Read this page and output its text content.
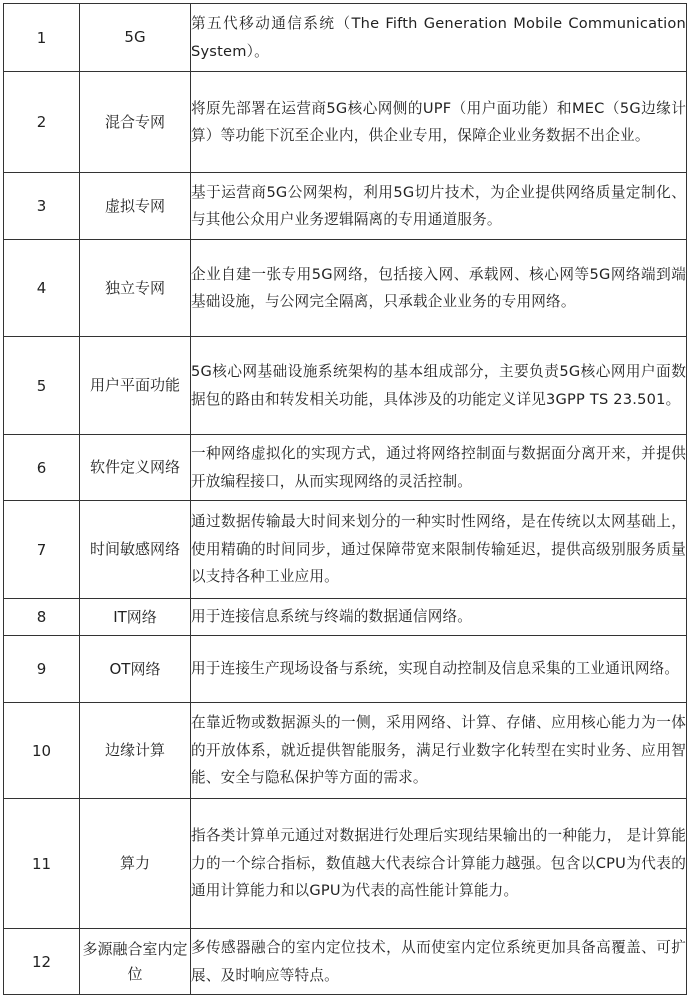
1	5G	第五代移动通信系统（The Fifth Generation Mobile Communication System）。
2	混合专网	将原先部署在运营商5G核心网侧的UPF（用户面功能）和MEC（5G边缘计算）等功能下沉至企业内，供企业专用，保障企业业务数据不出企业。
3	虚拟专网	基于运营商5G公网架构，利用5G切片技术，为企业提供网络质量定制化、与其他公众用户业务逻辑隔离的专用通道服务。
4	独立专网	企业自建一张专用5G网络，包括接入网、承载网、核心网等5G网络端到端基础设施，与公网完全隔离，只承载企业业务的专用网络。
5	用户平面功能	5G核心网基础设施系统架构的基本组成部分，主要负责5G核心网用户面数据包的路由和转发相关功能，具体涉及的功能定义详见3GPP TS 23.501。
6	软件定义网络	一种网络虚拟化的实现方式，通过将网络控制面与数据面分离开来，并提供开放编程接口，从而实现网络的灵活控制。
7	时间敏感网络	通过数据传输最大时间来划分的一种实时性网络，是在传统以太网基础上，使用精确的时间同步，通过保障带宽来限制传输延迟，提供高级别服务质量以支持各种工业应用。
8	IT网络	用于连接信息系统与终端的数据通信网络。
9	OT网络	用于连接生产现场设备与系统，实现自动控制及信息采集的工业通讯网络。
10	边缘计算	在靠近物或数据源头的一侧，采用网络、计算、存储、应用核心能力为一体的开放体系，就近提供智能服务，满足行业数字化转型在实时业务、应用智能、安全与隐私保护等方面的需求。
11	算力	指各类计算单元通过对数据进行处理后实现结果输出的一种能力， 是计算能力的一个综合指标，数值越大代表综合计算能力越强。包含以CPU为代表的通用计算能力和以GPU为代表的高性能计算能力。
12	多源融合室内定位	多传感器融合的室内定位技术，从而使室内定位系统更加具备高覆盖、可扩展、及时响应等特点。
